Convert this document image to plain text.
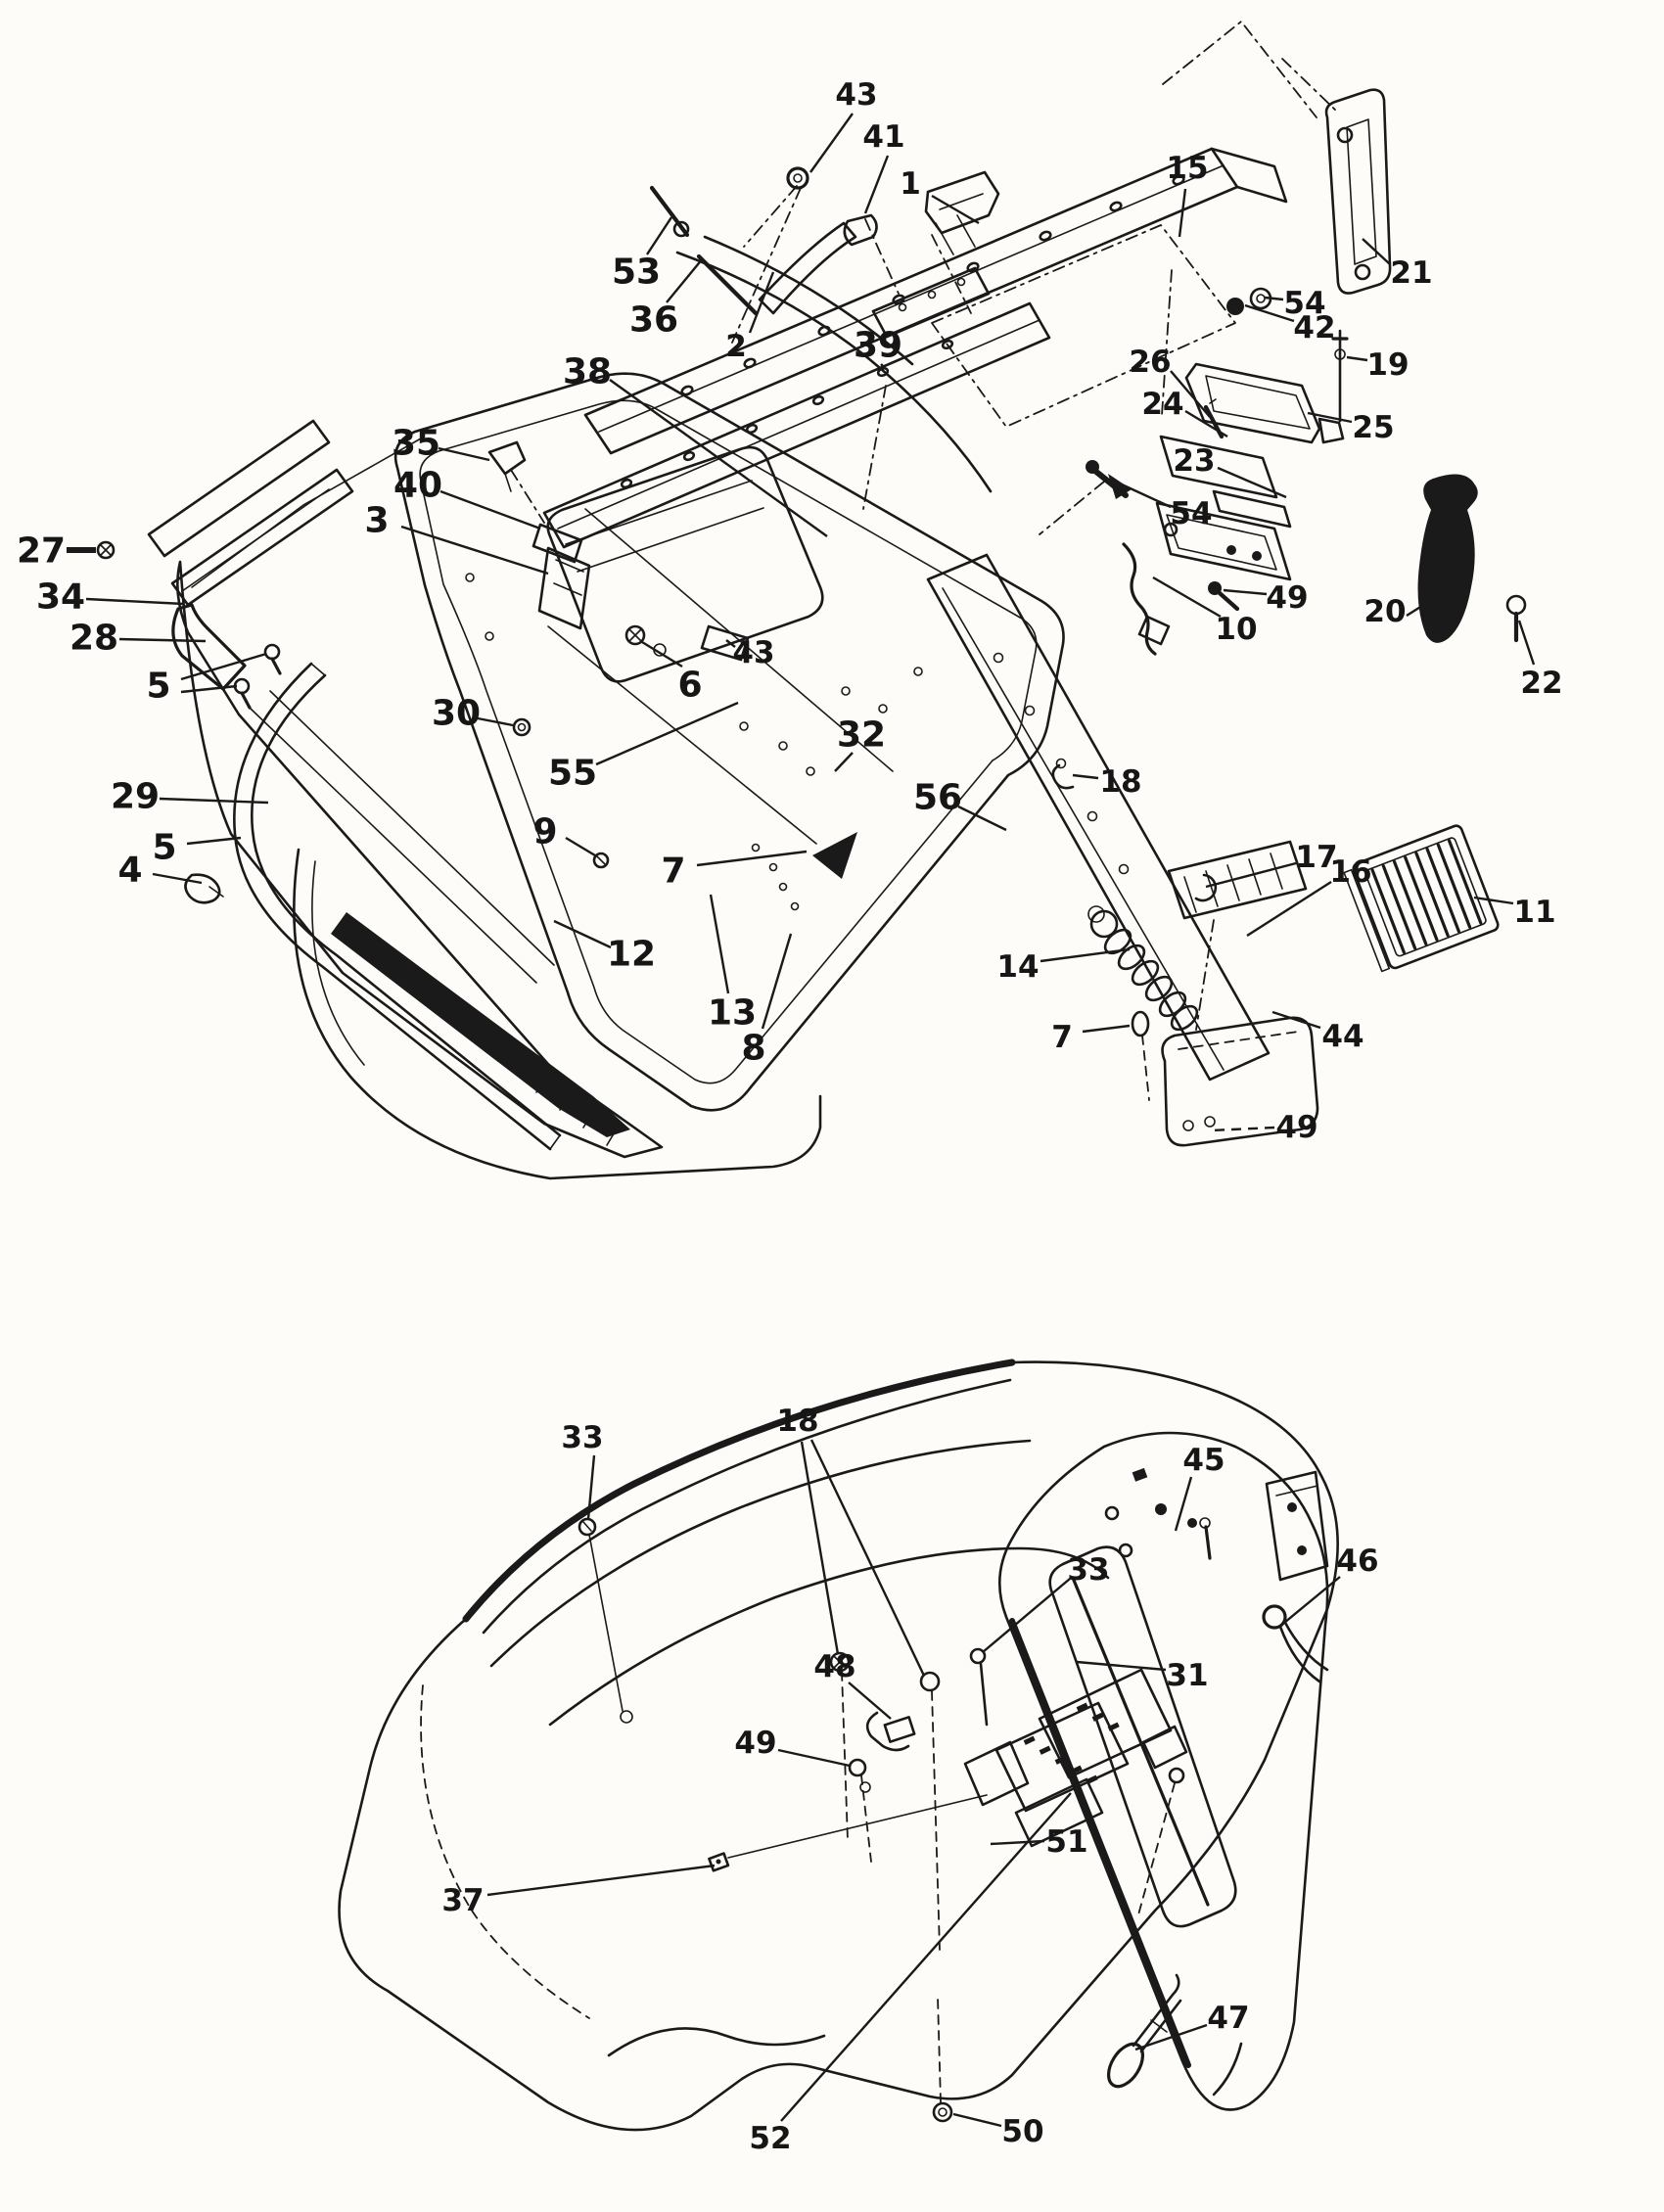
1
2
3
4
5
5
6
7
7
8
9
10
11
12
13
14
15
16
17
18
19
20
21
22
23
24
25
26
27
28
29
30
32
34
35
36
38
39
40
41
42
43
43
44
49
49
53
54
54
55
56
18
31
33
33
37
45
46
47
48
49
50
51
52
